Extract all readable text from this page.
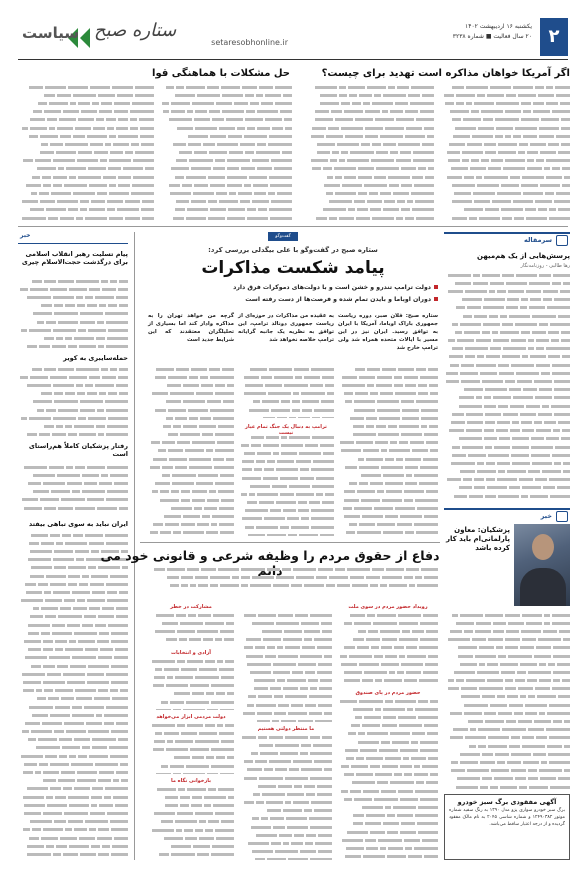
۲
یکشنبه ۱۶ اردیبهشت ۱۴۰۲
۲۰ سال فعالیت ■ شماره ۳۲۳۸
setaresobhonline.ir
ستاره صبح
سیاست
اگر آمریکا خواهان مذاکره است تهدید برای چیست؟
حل مشکلات با هماهنگی قوا
سرمقاله
پرسش‌هایی از یک هم‌میهن
رها طالبی - روزنامه‌نگار
خبر
پزشکیان: معاون پارلمانی‌ام باید کار کرده باشد
آگهی مفقودی برگ سبز خودرو
برگ سبز خودرو سواری پژو مدل ۱۳۹۰ به رنگ سفید شماره موتور ۱۲۴۹۰۳۸۲ و شماره شاسی ۲۰۴۵ به نام مالک مفقود گردیده و از درجه اعتبار ساقط می‌باشد.
گفت‌وگو
ستاره صبح در گفت‌وگو با علی بیگدلی بررسی کرد:
پیامد شکست مذاکرات
دولت ترامپ تندرو و خشن است و با دولت‌های دموکرات فرق دارد
دوران اوباما و بایدن تمام شده و فرصت‌ها از دست رفته است
ستاره صبح: فلان صبر، دوره ریاست جمهوری باراک اوباما، آمریکا با ایران به توافق رسید. ایران نیز در این مسیر با ایالات متحده همراه شد ولی ترامپ خارج شد
به عقیده من مذاکرات در حوزه‌ای از ریاست جمهوری دونالد ترامپ، این توافق به نظریه یک جانبه گرایانه ترامپ خلاصه نخواهد شد
گرچه من خواهد تهران را به مذاکره وادار کند اما بسیاری از تحلیلگران معتقدند که این شرایط جدید است
ترامپ به دنبال یک جنگ تمام عیار نیست
خبر
پیام تسلیت رهبر انقلاب اسلامی برای درگذشت حجت‌الاسلام چیری
حمله‌سایبری به کویر
رفتار پزشکیان کاملاً هم‌راستای است
ایران نباید به سوی تباهی بیفتد
دفاع از حقوق مردم را وظیفه شرعی و قانونی خود می
رویداد حضور مردم در سوی ملت
حضور مردم در پای صندوق
ما منتظر دولتی هستیم
مشارکت در خطر
آزادی و انتخابات
دولت مردمی ابزار می‌خواهد
بازخوانی نگاه ما
